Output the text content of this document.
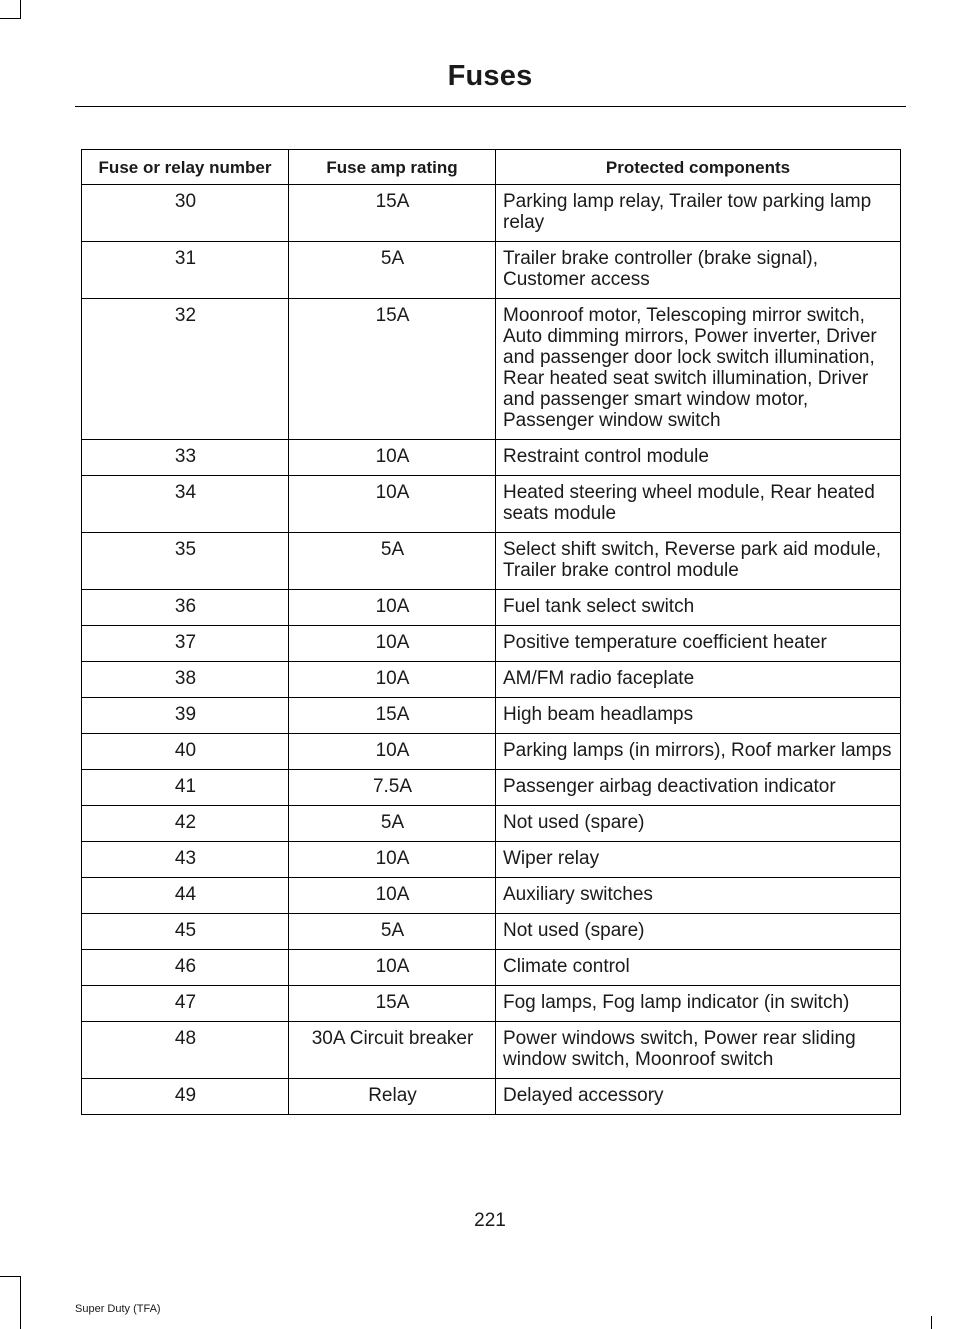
Fuses
Fuse or relay number	Fuse amp rating	Protected components
30	15A	Parking lamp relay, Trailer tow parking lamp relay
31	5A	Trailer brake controller (brake signal), Customer access
32	15A	Moonroof motor, Telescoping mirror switch, Auto dimming mirrors, Power inverter, Driver and passenger door lock switch illumination, Rear heated seat switch illumination, Driver and passenger smart window motor, Passenger window switch
33	10A	Restraint control module
34	10A	Heated steering wheel module, Rear heated seats module
35	5A	Select shift switch, Reverse park aid module, Trailer brake control module
36	10A	Fuel tank select switch
37	10A	Positive temperature coefficient heater
38	10A	AM/FM radio faceplate
39	15A	High beam headlamps
40	10A	Parking lamps (in mirrors), Roof marker lamps
41	7.5A	Passenger airbag deactivation indicator
42	5A	Not used (spare)
43	10A	Wiper relay
44	10A	Auxiliary switches
45	5A	Not used (spare)
46	10A	Climate control
47	15A	Fog lamps, Fog lamp indicator (in switch)
48	30A Circuit breaker	Power windows switch, Power rear sliding window switch, Moonroof switch
49	Relay	Delayed accessory
221
Super Duty (TFA)
